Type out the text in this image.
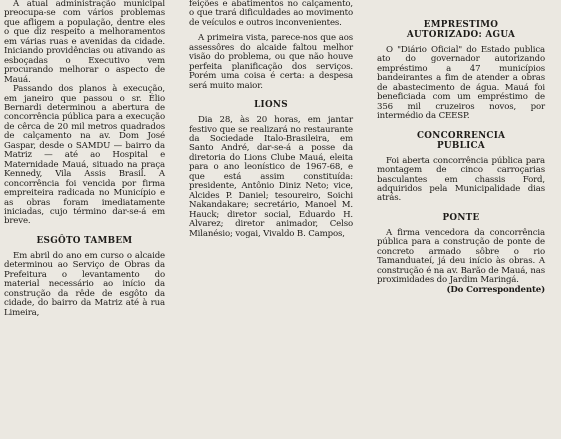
A atual administração municipal preocupa-se com vários problemas que afligem a população, dentre eles o que diz respeito a melhoramentos em várias ruas e avenidas da cidade. Iniciando providências ou ativando as esboçadas o Executivo vem procurando melhorar o aspecto de Mauá.

Passando dos planos à execução, em janeiro que passou o sr. Élio Bernardi determinou a abertura de concorrência pública para a execução de cêrca de 20 mil metros quadrados de calçamento na av. Dom José Gaspar, desde o SAMDU — bairro da Matriz — até ao Hospital e Maternidade Mauá, situado na praça Kennedy, Vila Assis Brasil. A concorrência foi vencida por firma empreiteira radicada no Município e as obras foram imediatamente iniciadas, cujo término dar-se-á em breve.

ESGÔTO TAMBEM

Em abril do ano em curso o alcaide determinou ao Serviço de Obras da Prefeitura o levantamento do material necessário ao início da construção da rêde de esgôto da cidade, do bairro da Matriz até à rua Limeira,

feições e abatimentos no calçamento, o que trará dificuldades ao movimento de veículos e outros inconvenientes.

A primeira vista, parece-nos que aos assessôres do alcaide faltou melhor visão do problema, ou que não houve perfeita planificação dos serviços. Porém uma coisa é certa: a despesa será muito maior.

LIONS

Dia 28, às 20 horas, em jantar festivo que se realizará no restaurante da Sociedade Italo-Brasileira, em Santo André, dar-se-á a posse da diretoria do Lions Clube Mauá, eleita para o ano leonístico de 1967-68, e que está assim constituída: presidente, Antônio Diniz Neto; vice, Alcides P. Daniel; tesoureiro, Soichi Nakandakare; secretário, Manoel M. Hauck; diretor social, Eduardo H. Alvarez; diretor animador, Celso Milanésio; vogai, Vivaldo B. Campos,

EMPRESTIMO AUTORIZADO: AGUA

O "Diário Oficial" do Estado publica ato do governador autorizando empréstimo a 47 municípios bandeirantes a fim de atender a obras de abastecimento de água. Mauá foi beneficiada com um empréstimo de 356 mil cruzeiros novos, por intermédio da CEESP.

CONCORRENCIA PUBLICA

Foi aberta concorrência pública para montagem de cinco carroçarias basculantes em chassis Ford, adquiridos pela Municipalidade dias atrás.

PONTE

A firma vencedora da concorrência pública para a construção de ponte de concreto armado sôbre o rio Tamanduateí, já deu início às obras. A construção é na av. Barão de Mauá, nas proximidades do Jardim Maringá.

(Do Correspondente)
